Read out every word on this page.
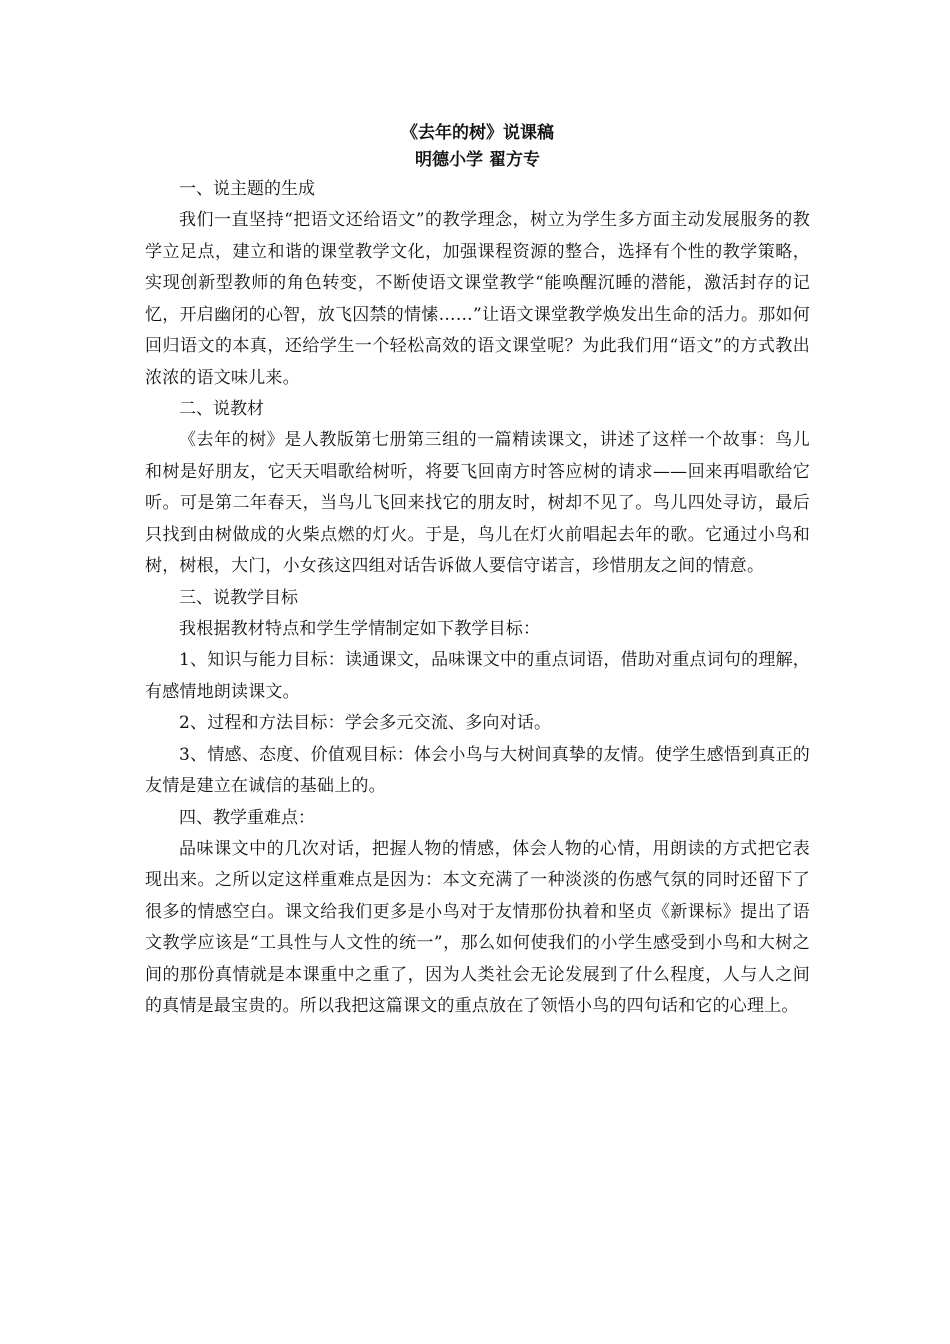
《去年的树》说课稿
明德小学 翟方专

一、说主题的生成

我们一直坚持“把语文还给语文”的教学理念，树立为学生多方面主动发展服务的教学立足点，建立和谐的课堂教学文化，加强课程资源的整合，选择有个性的教学策略，实现创新型教师的角色转变，不断使语文课堂教学“能唤醒沉睡的潜能，激活封存的记忆，开启幽闭的心智，放飞囚禁的情愫……”让语文课堂教学焕发出生命的活力。那如何回归语文的本真，还给学生一个轻松高效的语文课堂呢？为此我们用“语文”的方式教出浓浓的语文味儿来。

二、说教材

《去年的树》是人教版第七册第三组的一篇精读课文，讲述了这样一个故事：鸟儿和树是好朋友，它天天唱歌给树听，将要飞回南方时答应树的请求——回来再唱歌给它听。可是第二年春天，当鸟儿飞回来找它的朋友时，树却不见了。鸟儿四处寻访，最后只找到由树做成的火柴点燃的灯火。于是，鸟儿在灯火前唱起去年的歌。它通过小鸟和树，树根，大门，小女孩这四组对话告诉做人要信守诺言，珍惜朋友之间的情意。

三、说教学目标

我根据教材特点和学生学情制定如下教学目标：

1、知识与能力目标：读通课文，品味课文中的重点词语，借助对重点词句的理解，有感情地朗读课文。

2、过程和方法目标：学会多元交流、多向对话。

3、情感、态度、价值观目标：体会小鸟与大树间真挚的友情。使学生感悟到真正的友情是建立在诚信的基础上的。

四、教学重难点：

品味课文中的几次对话，把握人物的情感，体会人物的心情，用朗读的方式把它表现出来。之所以定这样重难点是因为：本文充满了一种淡淡的伤感气氛的同时还留下了很多的情感空白。课文给我们更多是小鸟对于友情那份执着和坚贞《新课标》提出了语文教学应该是“工具性与人文性的统一”，那么如何使我们的小学生感受到小鸟和大树之间的那份真情就是本课重中之重了，因为人类社会无论发展到了什么程度，人与人之间的真情是最宝贵的。所以我把这篇课文的重点放在了领悟小鸟的四句话和它的心理上。
